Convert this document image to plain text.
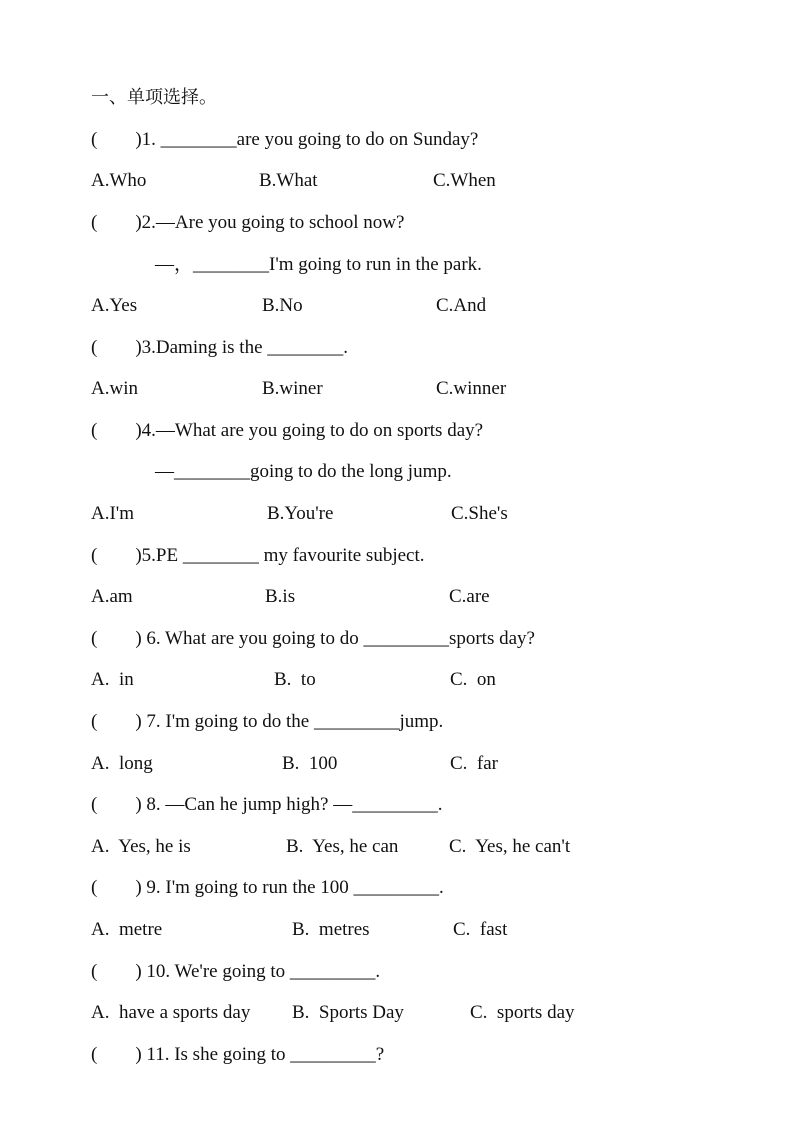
一、单项选择。
(        )1. ________are you going to do on Sunday?
A.Who	B.What	C.When
(        )2.—Are you going to school now?
—，________I'm going to run in the park.
A.Yes	B.No	C.And
(        )3.Daming is the ________.
A.win	B.winer	C.winner
(        )4.—What are you going to do on sports day?
—________going to do the long jump.
A.I'm	B.You're	C.She's
(        )5.PE ________ my favourite subject.
A.am	B.is	C.are
(        ) 6. What are you going to do _________sports day?
A.  in	B.  to	C.  on
(        ) 7. I'm going to do the _________jump.
A.  long	B.  100	C.  far
(        ) 8. —Can he jump high? —_________.
A.  Yes, he is	B.  Yes, he can	C.  Yes, he can't
(        ) 9. I'm going to run the 100 _________.
A.  metre	B.  metres	C.  fast
(        ) 10. We're going to _________.
A.  have a sports day B.  Sports Day	C.  sports day
(        ) 11. Is she going to _________?
